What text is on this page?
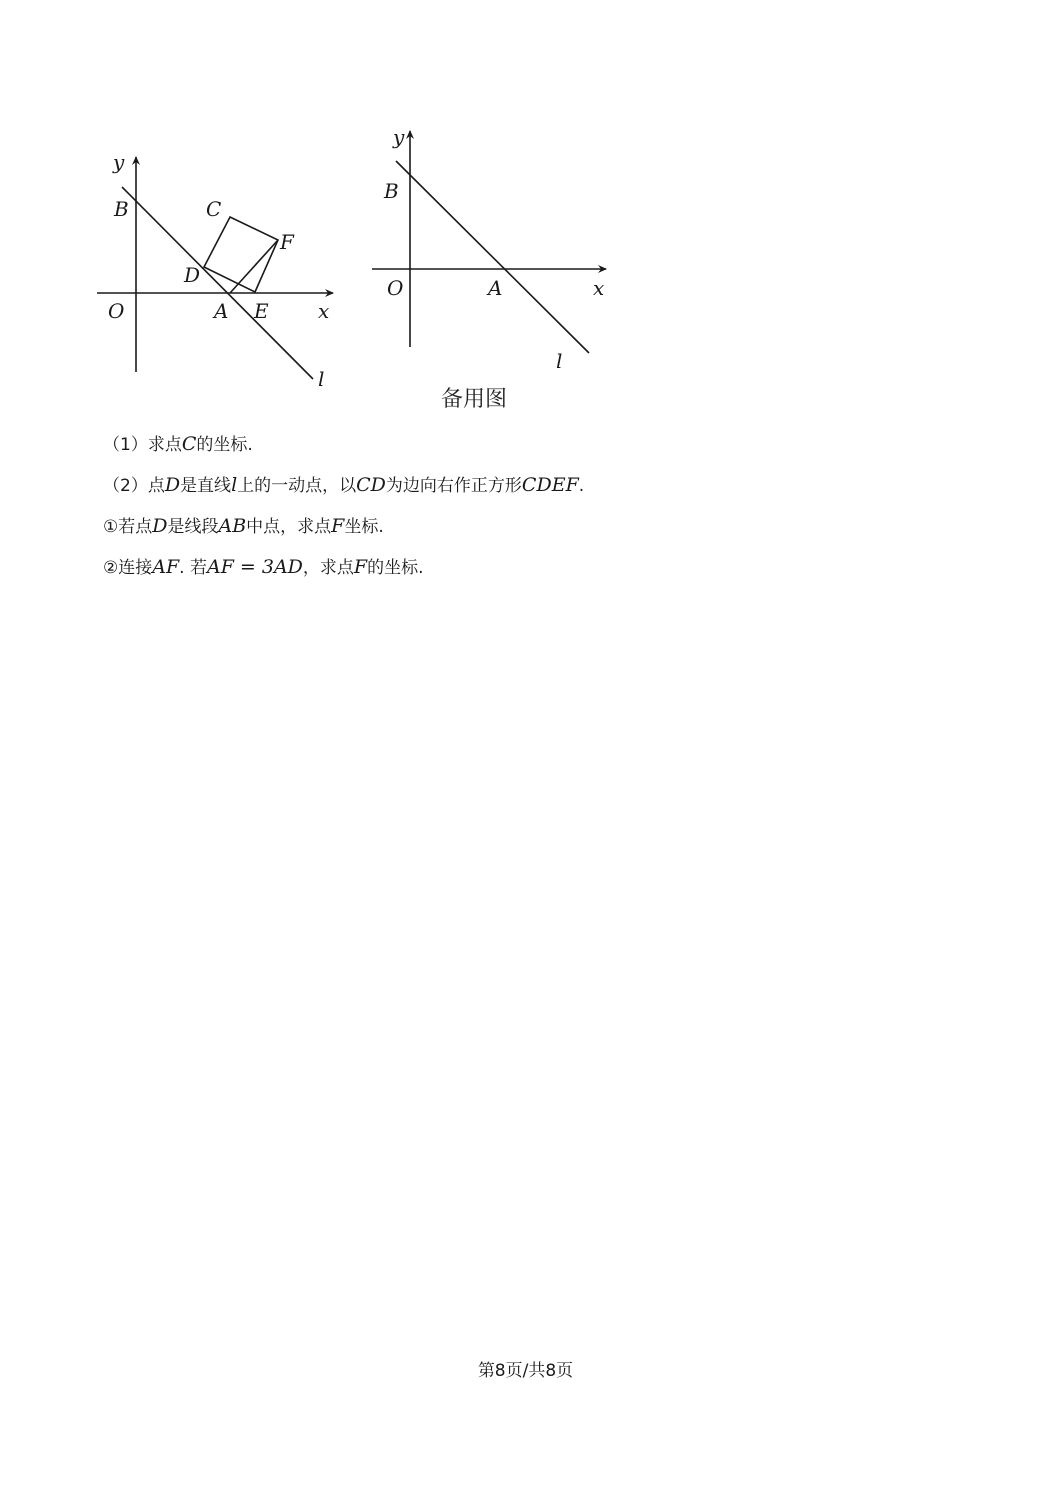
y
x
O
B	C
D
F
A E
l
y
x
O
B
A
l
备用图
（1）求点C的坐标.
（2）点D是直线l上的一动点，以CD为边向右作正方形CDEF.
①若点D是线段AB中点，求点F坐标.
②连接AF. 若AF = 3AD，求点F的坐标.
第8页/共8页
